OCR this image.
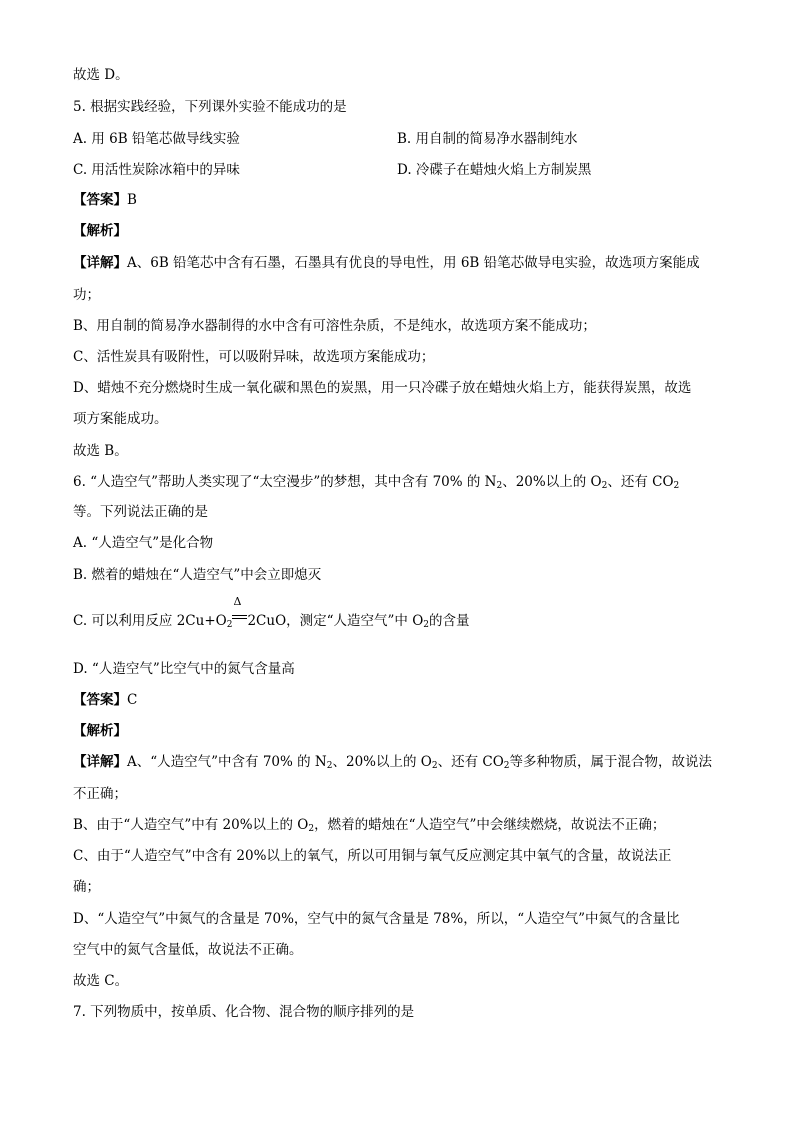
故选 D。
5. 根据实践经验，下列课外实验不能成功的是
A. 用 6B 铅笔芯做导线实验	B. 用自制的简易净水器制纯水
C. 用活性炭除冰箱中的异味	D. 冷碟子在蜡烛火焰上方制炭黑
【答案】B
【解析】
【详解】A、6B 铅笔芯中含有石墨，石墨具有优良的导电性，用 6B 铅笔芯做导电实验，故选项方案能成
功；
B、用自制的简易净水器制得的水中含有可溶性杂质，不是纯水，故选项方案不能成功；
C、活性炭具有吸附性，可以吸附异味，故选项方案能成功；
D、蜡烛不充分燃烧时生成一氧化碳和黑色的炭黑，用一只冷碟子放在蜡烛火焰上方，能获得炭黑，故选
项方案能成功。
故选 B。
6. “人造空气”帮助人类实现了“太空漫步”的梦想，其中含有 70% 的 $N_2$、20%以上的 $O_2$、还有 $CO_2$
等。下列说法正确的是
A. “人造空气”是化合物
B. 燃着的蜡烛在“人造空气”中会立即熄灭
C. 可以利用反应 $2Cu+O_2$
Δ
2CuO，测定“人造空气”中 $O_2$的含量
D. “人造空气”比空气中的氮气含量高
【答案】C
【解析】
【详解】A、“人造空气”中含有 70% 的 $N_2$、20%以上的 $O_2$、还有 $CO_2$等多种物质，属于混合物，故说法
不正确；
B、由于“人造空气”中有 20%以上的 $O_2$，燃着的蜡烛在“人造空气”中会继续燃烧，故说法不正确；
C、由于“人造空气”中含有 20%以上的氧气，所以可用铜与氧气反应测定其中氧气的含量，故说法正
确；
D、“人造空气”中氮气的含量是 70%，空气中的氮气含量是 78%，所以，“人造空气”中氮气的含量比
空气中的氮气含量低，故说法不正确。
故选 C。
7. 下列物质中，按单质、化合物、混合物的顺序排列的是
